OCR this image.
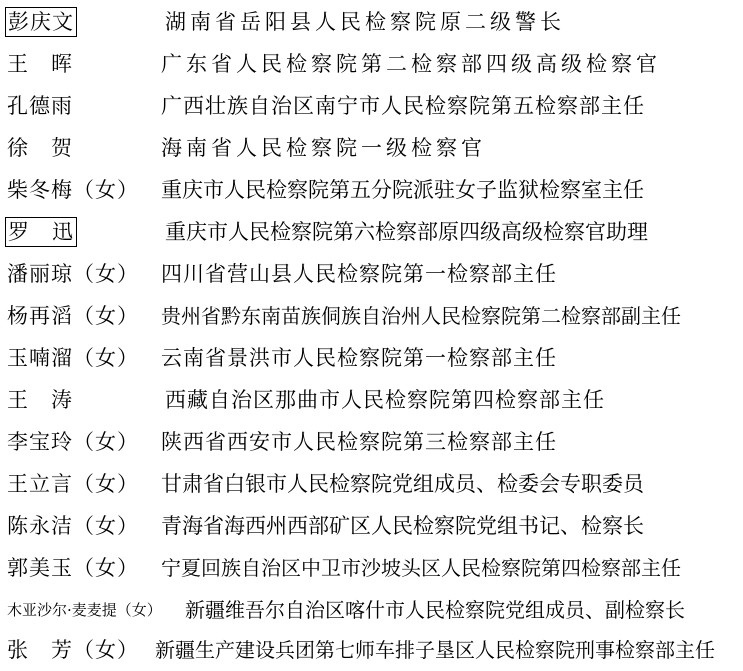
彭庆文	湖南省岳阳县人民检察院原二级警长
王　晖	广东省人民检察院第二检察部四级高级检察官
孔德雨	广西壮族自治区南宁市人民检察院第五检察部主任
徐　贺	海南省人民检察院一级检察官
柴冬梅（女） 重庆市人民检察院第五分院派驻女子监狱检察室主任
罗　迅	重庆市人民检察院第六检察部原四级高级检察官助理
潘丽琼（女） 四川省营山县人民检察院第一检察部主任
杨再滔（女） 贵州省黔东南苗族侗族自治州人民检察院第二检察部副主任
玉喃溜（女） 云南省景洪市人民检察院第一检察部主任
王　涛	西藏自治区那曲市人民检察院第四检察部主任
李宝玲（女） 陕西省西安市人民检察院第三检察部主任
王立言（女） 甘肃省白银市人民检察院党组成员、检委会专职委员
陈永洁（女） 青海省海西州西部矿区人民检察院党组书记、检察长
郭美玉（女） 宁夏回族自治区中卫市沙坡头区人民检察院第四检察部主任
木亚沙尔·麦麦提（女） 新疆维吾尔自治区喀什市人民检察院党组成员、副检察长
张　芳（女） 新疆生产建设兵团第七师车排子垦区人民检察院刑事检察部主任
